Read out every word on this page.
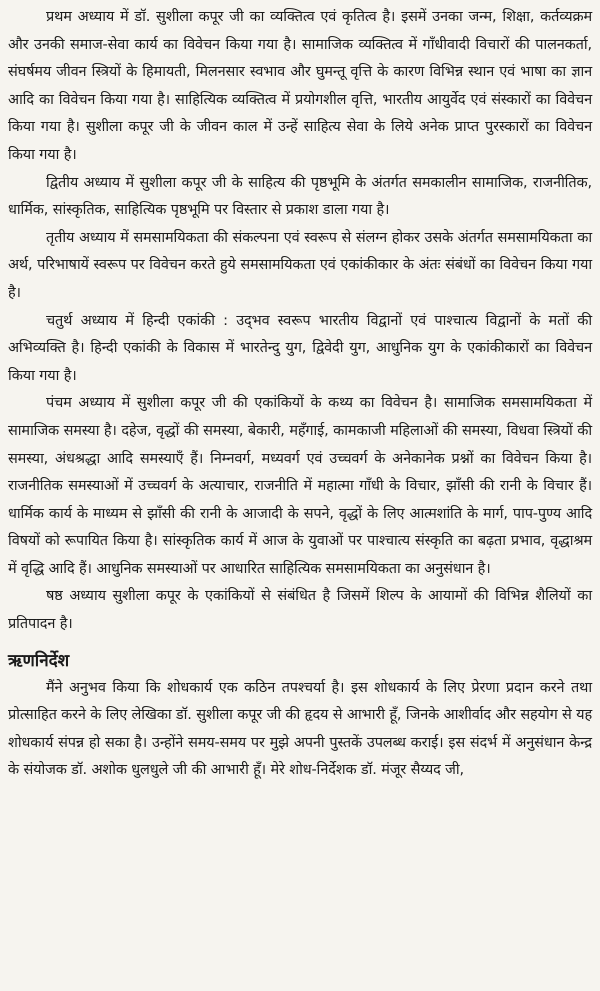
प्रथम अध्याय में डॉ. सुशीला कपूर जी का व्यक्तित्व एवं कृतित्व है। इसमें उनका जन्म, शिक्षा, कर्तव्यक्रम और उनकी समाज-सेवा कार्य का विवेचन किया गया है। सामाजिक व्यक्तित्व में गाँधीवादी विचारों की पालनकर्ता, संघर्षमय जीवन स्त्रियों के हिमायती, मिलनसार स्वभाव और घुमन्तू वृत्ति के कारण विभिन्न स्थान एवं भाषा का ज्ञान आदि का विवेचन किया गया है। साहित्यिक व्यक्तित्व में प्रयोगशील वृत्ति, भारतीय आयुर्वेद एवं संस्कारों का विवेचन किया गया है। सुशीला कपूर जी के जीवन काल में उन्हें साहित्य सेवा के लिये अनेक प्राप्त पुरस्कारों का विवेचन किया गया है।

द्वितीय अध्याय में सुशीला कपूर जी के साहित्य की पृष्ठभूमि के अंतर्गत समकालीन सामाजिक, राजनीतिक, धार्मिक, सांस्कृतिक, साहित्यिक पृष्ठभूमि पर विस्तार से प्रकाश डाला गया है।

तृतीय अध्याय में समसामयिकता की संकल्पना एवं स्वरूप से संलग्न होकर उसके अंतर्गत समसामयिकता का अर्थ, परिभाषायें स्वरूप पर विवेचन करते हुये समसामयिकता एवं एकांकीकार के अंतः संबंधों का विवेचन किया गया है।

चतुर्थ अध्याय में हिन्दी एकांकी : उद्‌भव स्वरूप भारतीय विद्वानों एवं पाश्चात्य विद्वानों के मतों की अभिव्यक्ति है। हिन्दी एकांकी के विकास में भारतेन्दु युग, द्विवेदी युग, आधुनिक युग के एकांकीकारों का विवेचन किया गया है।

पंचम अध्याय में सुशीला कपूर जी की एकांकियों के कथ्य का विवेचन है। सामाजिक समसामयिकता में सामाजिक समस्या है। दहेज, वृद्धों की समस्या, बेकारी, महँगाई, कामकाजी महिलाओं की समस्या, विधवा स्त्रियों की समस्या, अंधश्रद्धा आदि समस्याएँ हैं। निम्नवर्ग, मध्यवर्ग एवं उच्चवर्ग के अनेकानेक प्रश्नों का विवेचन किया है। राजनीतिक समस्याओं में उच्चवर्ग के अत्याचार, राजनीति में महात्मा गाँधी के विचार, झाँसी की रानी के विचार हैं। धार्मिक कार्य के माध्यम से झाँसी की रानी के आजादी के सपने, वृद्धों के लिए आत्मशांति के मार्ग, पाप-पुण्य आदि विषयों को रूपायित किया है। सांस्कृतिक कार्य में आज के युवाओं पर पाश्चात्य संस्कृति का बढ़ता प्रभाव, वृद्धाश्रम में वृद्धि आदि हैं। आधुनिक समस्याओं पर आधारित साहित्यिक समसामयिकता का अनुसंधान है।

षष्ठ अध्याय सुशीला कपूर के एकांकियों से संबंधित है जिसमें शिल्प के आयामों की विभिन्न शैलियों का प्रतिपादन है।

ऋणनिर्देश

मैंने अनुभव किया कि शोधकार्य एक कठिन तपश्चर्या है। इस शोधकार्य के लिए प्रेरणा प्रदान करने तथा प्रोत्साहित करने के लिए लेखिका डॉ. सुशीला कपूर जी की हृदय से आभारी हूँ, जिनके आशीर्वाद और सहयोग से यह शोधकार्य संपन्न हो सका है। उन्होंने समय-समय पर मुझे अपनी पुस्तकें उपलब्ध कराई। इस संदर्भ में अनुसंधान केन्द्र के संयोजक डॉ. अशोक धुलधुले जी की आभारी हूँ। मेरे शोध-निर्देशक डॉ. मंजूर सैय्यद जी,
